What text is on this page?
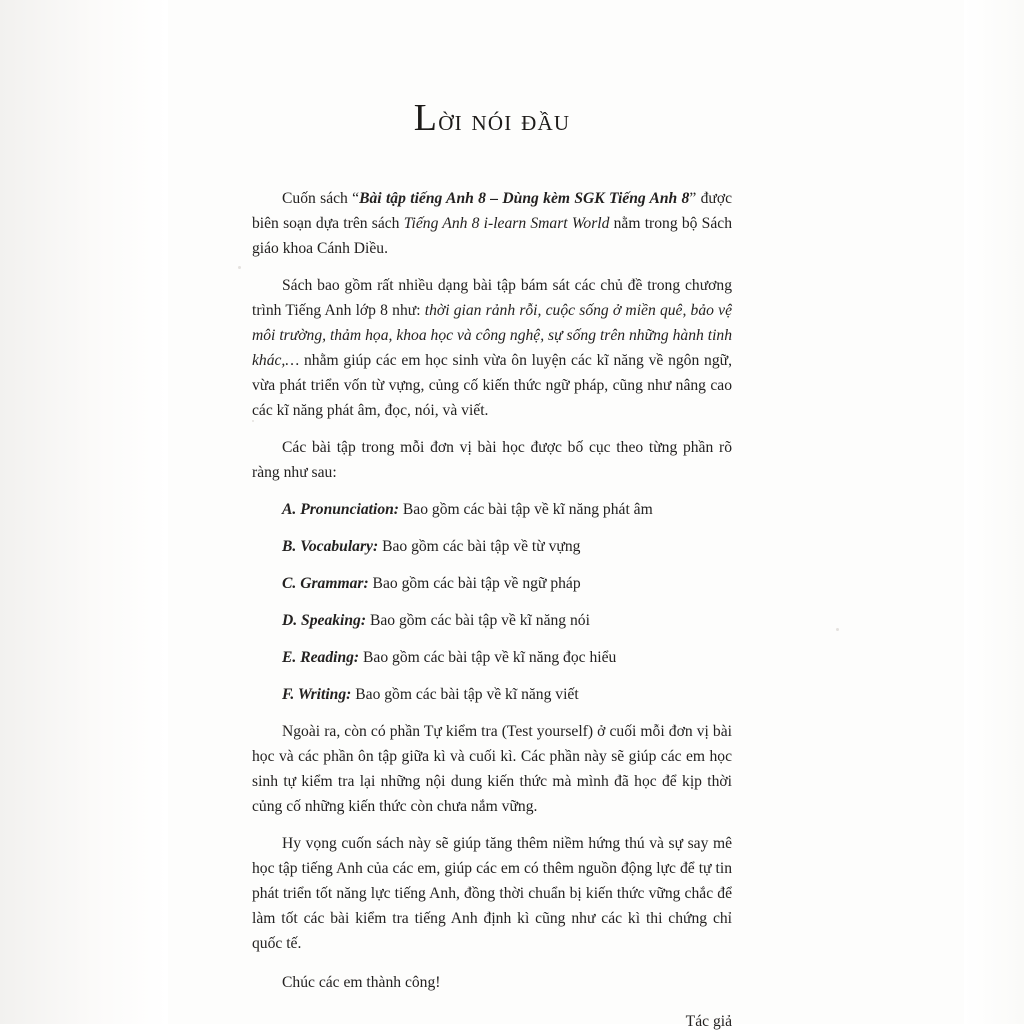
Lời nói đầu

Cuốn sách “Bài tập tiếng Anh 8 – Dùng kèm SGK Tiếng Anh 8” được biên soạn dựa trên sách Tiếng Anh 8 i-learn Smart World nằm trong bộ Sách giáo khoa Cánh Diều.

Sách bao gồm rất nhiều dạng bài tập bám sát các chủ đề trong chương trình Tiếng Anh lớp 8 như: thời gian rảnh rỗi, cuộc sống ở miền quê, bảo vệ môi trường, thảm họa, khoa học và công nghệ, sự sống trên những hành tinh khác,… nhằm giúp các em học sinh vừa ôn luyện các kĩ năng về ngôn ngữ, vừa phát triển vốn từ vựng, củng cố kiến thức ngữ pháp, cũng như nâng cao các kĩ năng phát âm, đọc, nói, và viết.

Các bài tập trong mỗi đơn vị bài học được bố cục theo từng phần rõ ràng như sau:

A. Pronunciation: Bao gồm các bài tập về kĩ năng phát âm

B. Vocabulary: Bao gồm các bài tập về từ vựng

C. Grammar: Bao gồm các bài tập về ngữ pháp

D. Speaking: Bao gồm các bài tập về kĩ năng nói

E. Reading: Bao gồm các bài tập về kĩ năng đọc hiểu

F. Writing: Bao gồm các bài tập về kĩ năng viết

Ngoài ra, còn có phần Tự kiểm tra (Test yourself) ở cuối mỗi đơn vị bài học và các phần ôn tập giữa kì và cuối kì. Các phần này sẽ giúp các em học sinh tự kiểm tra lại những nội dung kiến thức mà mình đã học để kịp thời củng cố những kiến thức còn chưa nắm vững.

Hy vọng cuốn sách này sẽ giúp tăng thêm niềm hứng thú và sự say mê học tập tiếng Anh của các em, giúp các em có thêm nguồn động lực để tự tin phát triển tốt năng lực tiếng Anh, đồng thời chuẩn bị kiến thức vững chắc để làm tốt các bài kiểm tra tiếng Anh định kì cũng như các kì thi chứng chỉ quốc tế.

Chúc các em thành công!

Tác giả
